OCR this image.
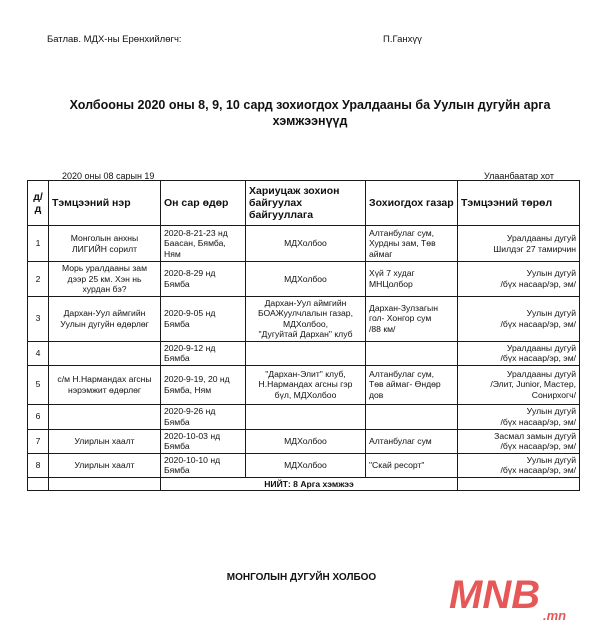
Батлав. МДХ-ны Ерөнхийлөгч:	П.Ганхүү
Холбооны 2020 оны 8, 9, 10 сард зохиогдох Уралдааны ба Уулын дугуйн арга хэмжээнүүд
2020 оны 08 сарын 19	Улаанбаатар хот
д/д	Тэмцээний нэр	Он сар өдөр	Хариуцаж зохион байгуулах байгууллага	Зохиогдох газар	Тэмцээний төрөл
1	Монголын анхны
ЛИГИЙН сорилт	2020-8-21-23 нд
Баасан, Бямба, Ням	МДХолбоо	Алтанбулаг сум,
Хурдны зам, Төв
аймаг	Уралдааны дугуй
Шилдэг 27 тамирчин
2	Морь уралдааны зам
дээр 25 км. Хэн нь
хурдан бэ?	2020-8-29 нд
Бямба	МДХолбоо	Хүй 7 худаг
МНЦолбор	Уулын дугуй
/бүх насаар/эр, эм/
3	Дархан-Уул аймгийн
Уулын дугуйн өдөрлөг	2020-9-05 нд
Бямба	Дархан-Уул аймгийн
БОАЖуулчлалын газар,
МДХолбоо,
"Дугуйтай Дархан" клуб	Дархан-Зулзагын
гол- Хонгор сум
/88 км/	Уулын дугуй
/бүх насаар/эр, эм/
4		2020-9-12 нд
Бямба			Уралдааны дугуй
/бүх насаар/эр, эм/
5	с/м Н.Нармандах агсны
нэрэмжит өдөрлөг	2020-9-19, 20 нд
Бямба, Ням	"Дархан-Элит" клуб,
Н.Нармандах агсны гэр
бүл, МДХолбоо	Алтанбулаг сум,
Төв аймаг- Өндөр
дов	Уралдааны дугуй
/Элит, Junior, Мастер,
Сонирхогч/
6		2020-9-26 нд
Бямба			Уулын дугуй
/бүх насаар/эр, эм/
7	Улирлын хаалт	2020-10-03 нд
Бямба	МДХолбоо	Алтанбулаг сум	Засмал замын дугуй
/бүх насаар/эр, эм/
8	Улирлын хаалт	2020-10-10 нд
Бямба	МДХолбоо	"Скай ресорт"	Уулын дугуй
/бүх насаар/эр, эм/
		НИЙТ: 8 Арга хэмжээ			
МОНГОЛЫН ДУГУЙН ХОЛБОО	MNB .mn
